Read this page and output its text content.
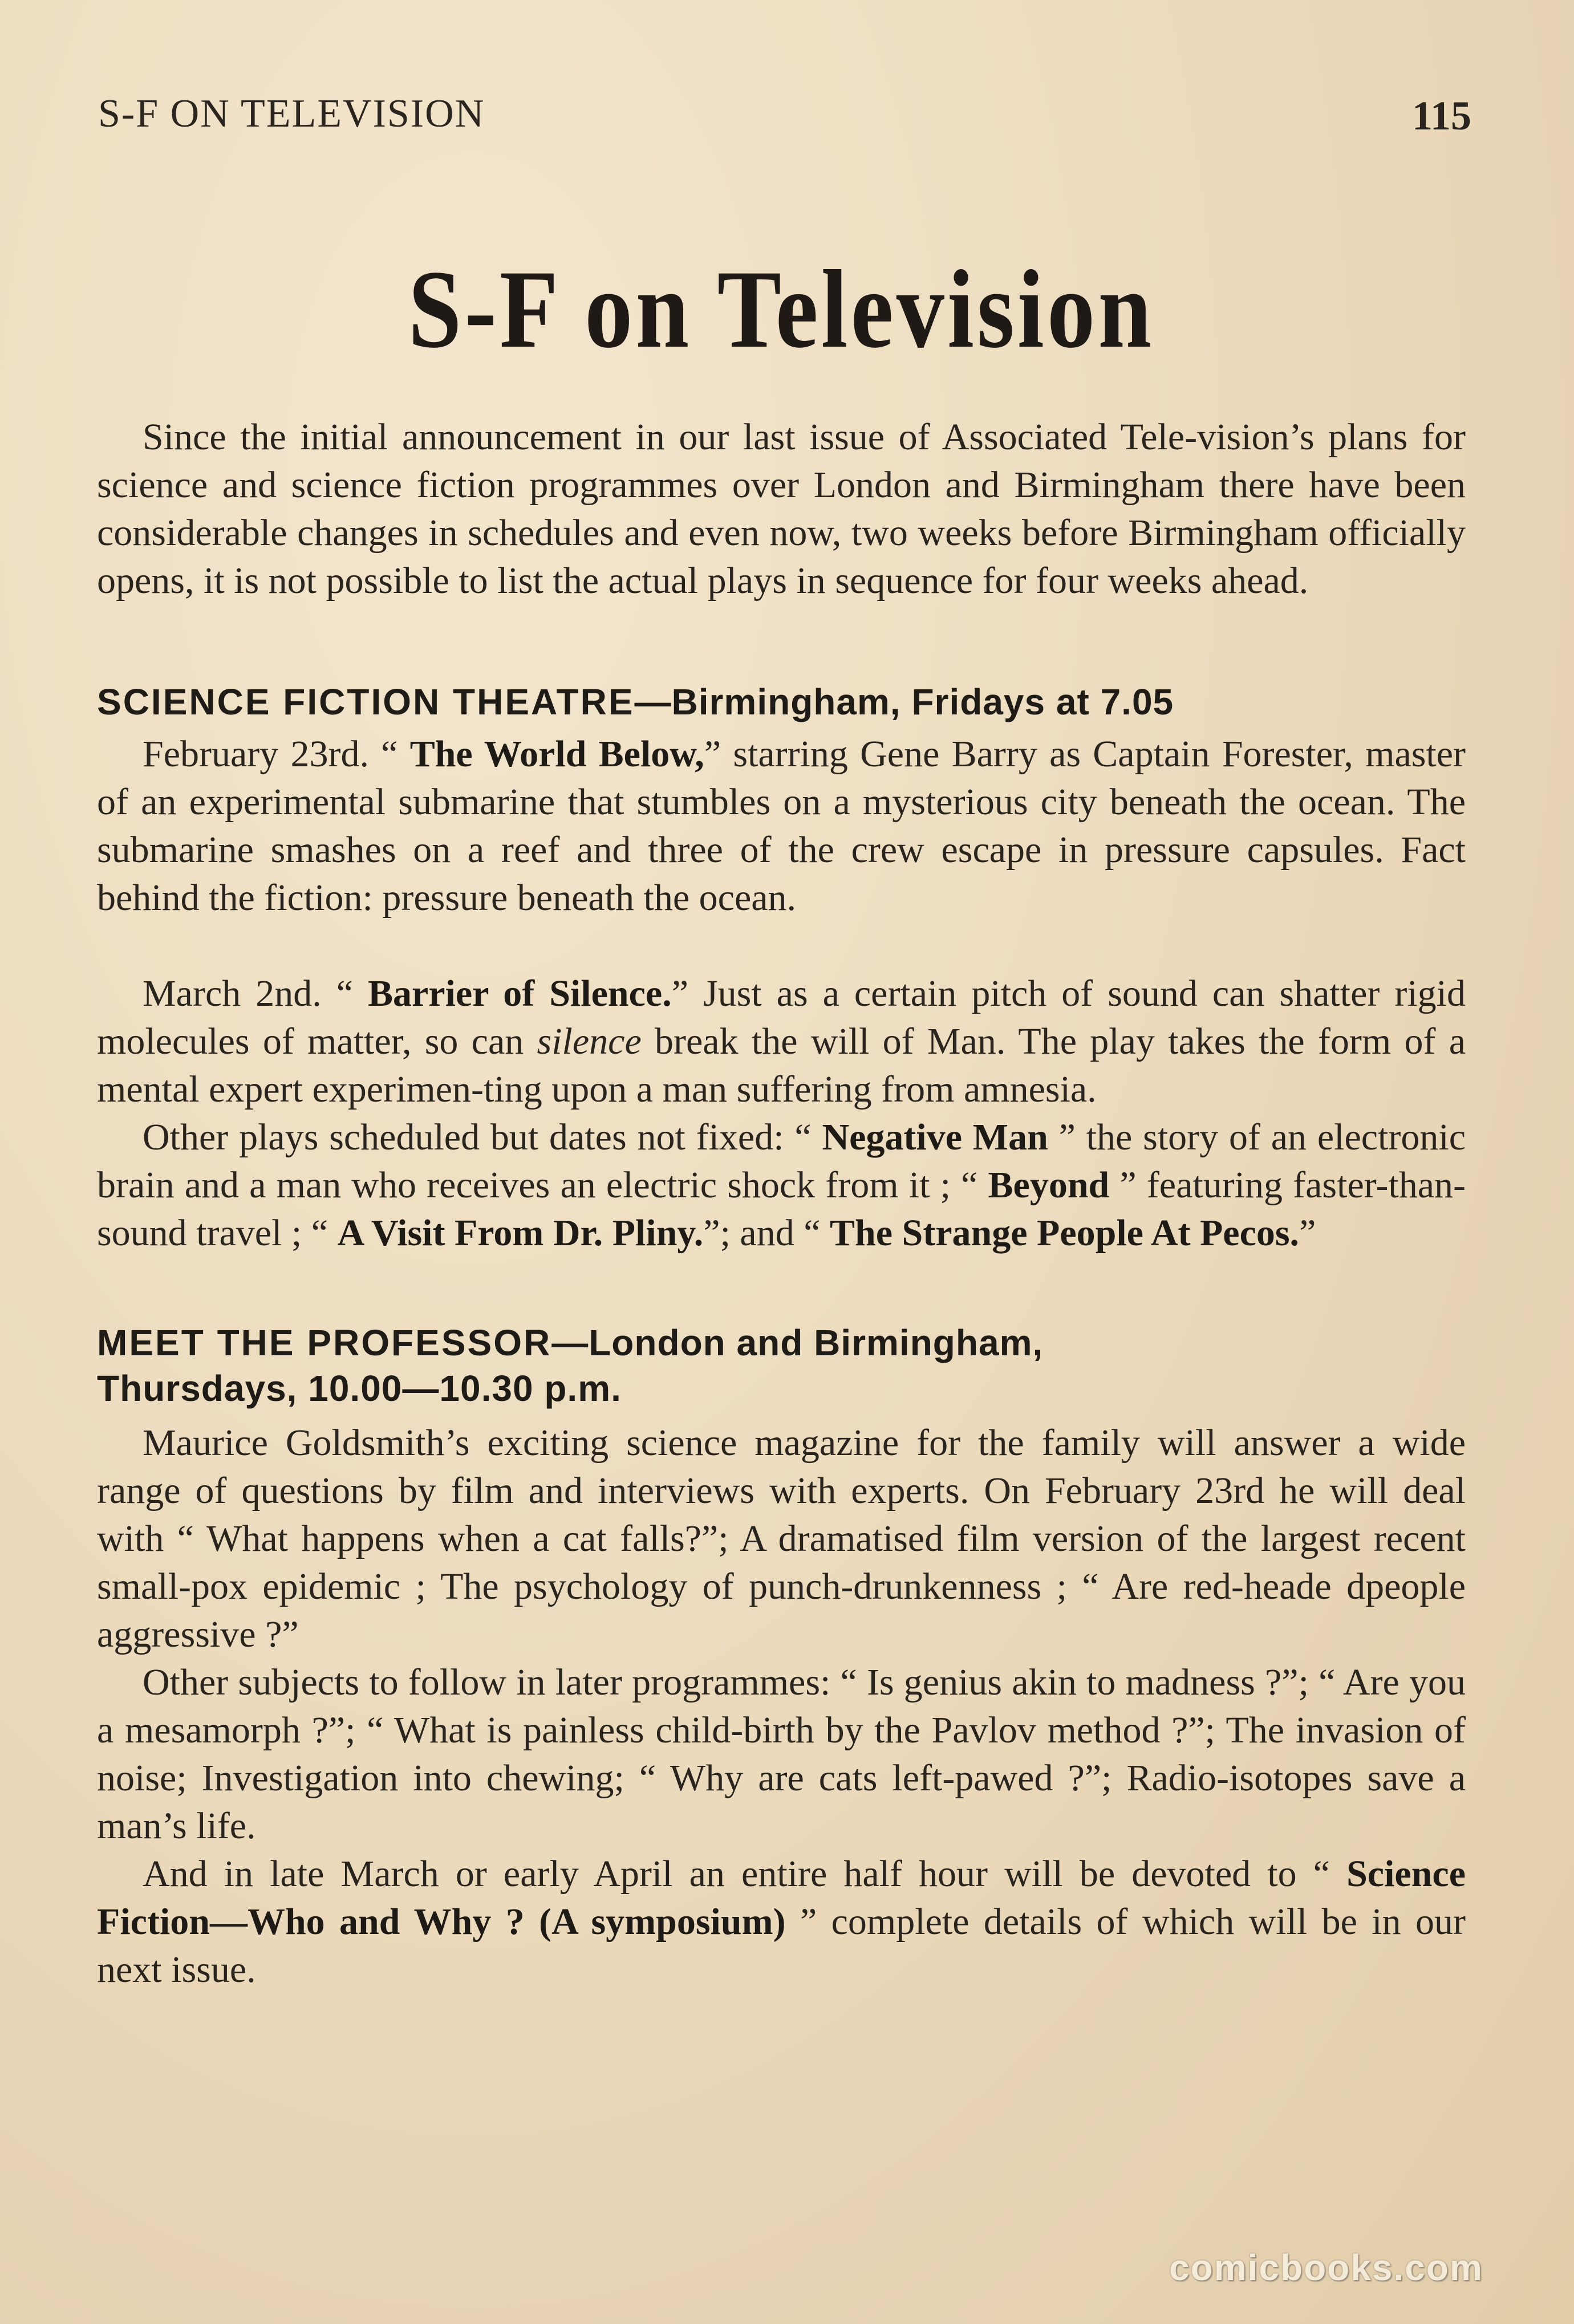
S-F ON TELEVISION	115
S-F on Television

Since the initial announcement in our last issue of Associated Tele-vision’s plans for science and science fiction programmes over London and Birmingham there have been considerable changes in schedules and even now, two weeks before Birmingham officially opens, it is not possible to list the actual plays in sequence for four weeks ahead.

SCIENCE FICTION THEATRE—Birmingham, Fridays at 7.05

February 23rd. “ The World Below,” starring Gene Barry as Captain Forester, master of an experimental submarine that stumbles on a mysterious city beneath the ocean. The submarine smashes on a reef and three of the crew escape in pressure capsules. Fact behind the fiction: pressure beneath the ocean.

March 2nd. “ Barrier of Silence.” Just as a certain pitch of sound can shatter rigid molecules of matter, so can silence break the will of Man. The play takes the form of a mental expert experimen-ting upon a man suffering from amnesia.

Other plays scheduled but dates not fixed: “ Negative Man ” the story of an electronic brain and a man who receives an electric shock from it ; “ Beyond ” featuring faster-than-sound travel ; “ A Visit From Dr. Pliny.”; and “ The Strange People At Pecos.”

MEET THE PROFESSOR—London and Birmingham,
Thursdays, 10.00—10.30 p.m.

Maurice Goldsmith’s exciting science magazine for the family will answer a wide range of questions by film and interviews with experts. On February 23rd he will deal with “ What happens when a cat falls?”; A dramatised film version of the largest recent small-pox epidemic ; The psychology of punch-drunkenness ; “ Are red-heade dpeople aggressive ?”

Other subjects to follow in later programmes: “ Is genius akin to madness ?”; “ Are you a mesamorph ?”; “ What is painless child-birth by the Pavlov method ?”; The invasion of noise; Investigation into chewing; “ Why are cats left-pawed ?”; Radio-isotopes save a man’s life.

And in late March or early April an entire half hour will be devoted to “ Science Fiction—Who and Why ? (A symposium) ” complete details of which will be in our next issue.

comicbooks.com
